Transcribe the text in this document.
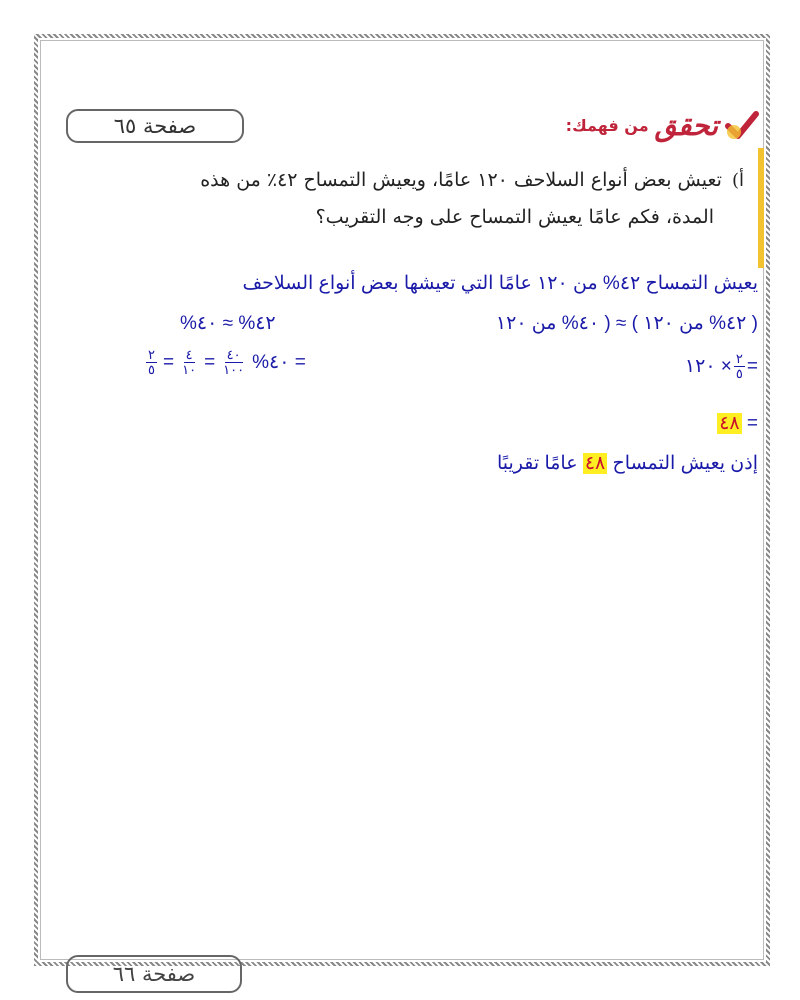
صفحة ٦٥	تحقق
من فهمك:
أ)تعيش بعض أنواع السلاحف ١٢٠ عامًا، ويعيش التمساح ٤٢٪ من هذه
المدة، فكم عامًا يعيش التمساح على وجه التقريب؟
يعيش التمساح ٤٢% من ١٢٠ عامًا التي تعيشها بعض أنواع السلاحف
( ٤٢% من ١٢٠ ) ≈ ( ٤٠% من ١٢٠
٤٢% ≈ ٤٠%
$\frac{٢}{٥} = \frac{٤}{١٠} = \frac{٤٠}{١٠٠}$ = ٤٠%	=
$\frac{٢}{٥}$
× ١٢٠
= ٤٨
إذن يعيش التمساح ٤٨ عامًا تقريبًا
صفحة ٦٦
